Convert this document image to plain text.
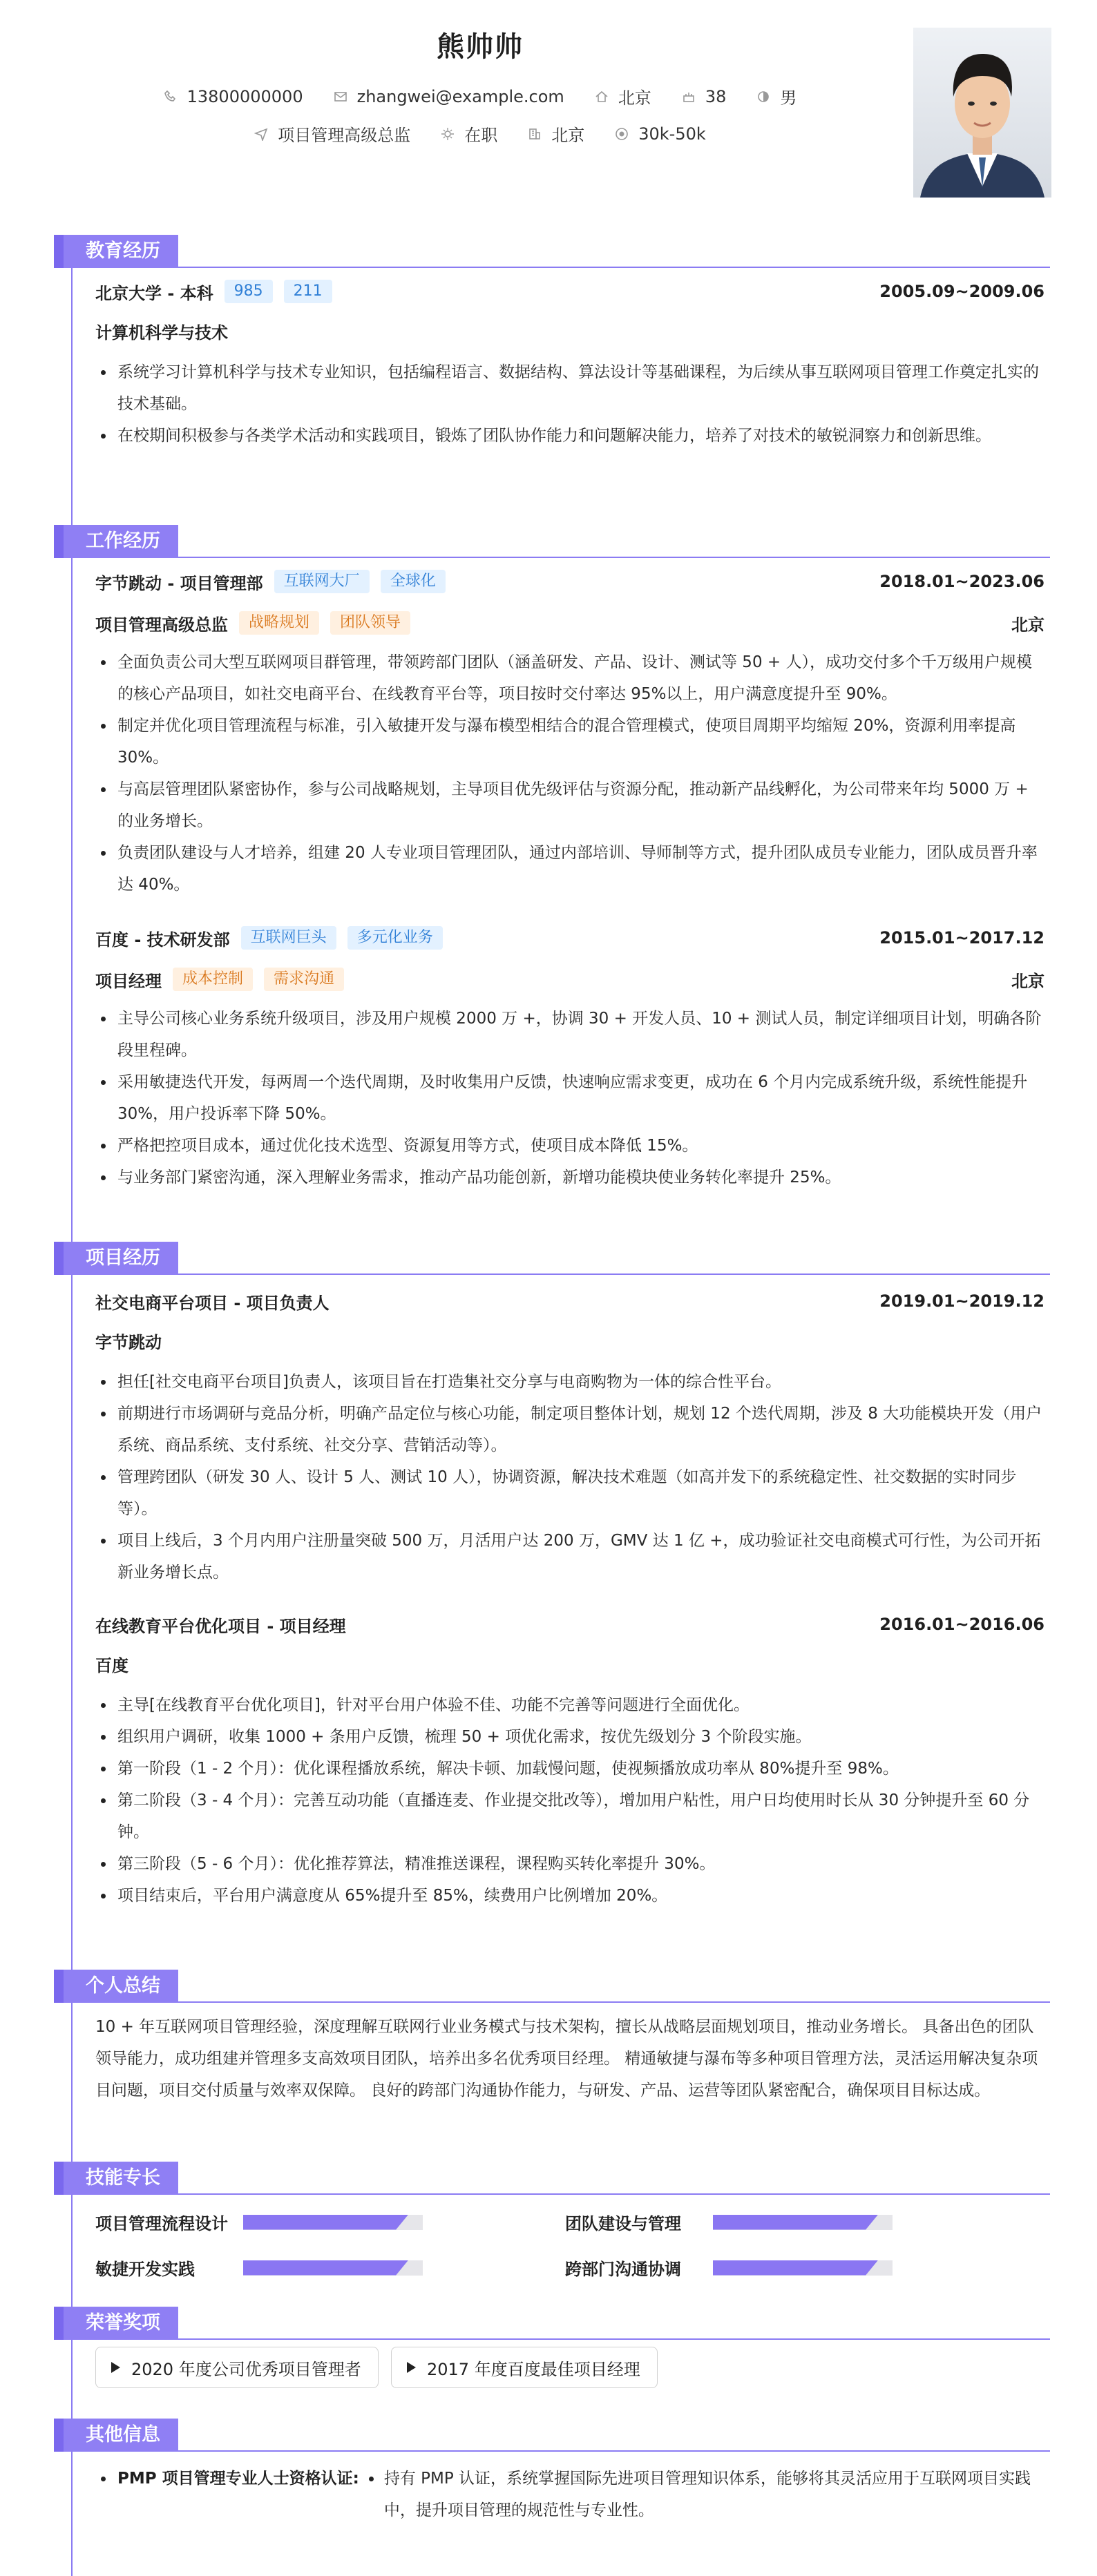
熊帅帅
13800000000	zhangwei@example.com	北京	38	男
项目管理高级总监	在职	北京	30k-50k
教育经历
北京大学 - 本科	985	211	2005.09~2009.06
计算机科学与技术
系统学习计算机科学与技术专业知识，包括编程语言、数据结构、算法设计等基础课程，为后续从事互联网项目管理工作奠定扎实的技术基础。
在校期间积极参与各类学术活动和实践项目，锻炼了团队协作能力和问题解决能力，培养了对技术的敏锐洞察力和创新思维。
工作经历
字节跳动 - 项目管理部	互联网大厂	全球化	2018.01~2023.06
项目管理高级总监	战略规划	团队领导	北京
全面负责公司大型互联网项目群管理，带领跨部门团队（涵盖研发、产品、设计、测试等 50 + 人），成功交付多个千万级用户规模的核心产品项目，如社交电商平台、在线教育平台等，项目按时交付率达 95%以上，用户满意度提升至 90%。
制定并优化项目管理流程与标准，引入敏捷开发与瀑布模型相结合的混合管理模式，使项目周期平均缩短 20%，资源利用率提高 30%。
与高层管理团队紧密协作，参与公司战略规划，主导项目优先级评估与资源分配，推动新产品线孵化，为公司带来年均 5000 万 + 的业务增长。
负责团队建设与人才培养，组建 20 人专业项目管理团队，通过内部培训、导师制等方式，提升团队成员专业能力，团队成员晋升率达 40%。
百度 - 技术研发部	互联网巨头	多元化业务	2015.01~2017.12
项目经理	成本控制	需求沟通	北京
主导公司核心业务系统升级项目，涉及用户规模 2000 万 +，协调 30 + 开发人员、10 + 测试人员，制定详细项目计划，明确各阶段里程碑。
采用敏捷迭代开发，每两周一个迭代周期，及时收集用户反馈，快速响应需求变更，成功在 6 个月内完成系统升级，系统性能提升 30%，用户投诉率下降 50%。
严格把控项目成本，通过优化技术选型、资源复用等方式，使项目成本降低 15%。
与业务部门紧密沟通，深入理解业务需求，推动产品功能创新，新增功能模块使业务转化率提升 25%。
项目经历
社交电商平台项目 - 项目负责人	2019.01~2019.12
字节跳动
担任[社交电商平台项目]负责人，该项目旨在打造集社交分享与电商购物为一体的综合性平台。
前期进行市场调研与竞品分析，明确产品定位与核心功能，制定项目整体计划，规划 12 个迭代周期，涉及 8 大功能模块开发（用户系统、商品系统、支付系统、社交分享、营销活动等）。
管理跨团队（研发 30 人、设计 5 人、测试 10 人），协调资源，解决技术难题（如高并发下的系统稳定性、社交数据的实时同步等）。
项目上线后，3 个月内用户注册量突破 500 万，月活用户达 200 万，GMV 达 1 亿 +，成功验证社交电商模式可行性，为公司开拓新业务增长点。
在线教育平台优化项目 - 项目经理	2016.01~2016.06
百度
主导[在线教育平台优化项目]，针对平台用户体验不佳、功能不完善等问题进行全面优化。
组织用户调研，收集 1000 + 条用户反馈，梳理 50 + 项优化需求，按优先级划分 3 个阶段实施。
第一阶段（1 - 2 个月）：优化课程播放系统，解决卡顿、加载慢问题，使视频播放成功率从 80%提升至 98%。
第二阶段（3 - 4 个月）：完善互动功能（直播连麦、作业提交批改等），增加用户粘性，用户日均使用时长从 30 分钟提升至 60 分钟。
第三阶段（5 - 6 个月）：优化推荐算法，精准推送课程，课程购买转化率提升 30%。
项目结束后，平台用户满意度从 65%提升至 85%，续费用户比例增加 20%。
个人总结
10 + 年互联网项目管理经验，深度理解互联网行业业务模式与技术架构，擅长从战略层面规划项目，推动业务增长。 具备出色的团队领导能力，成功组建并管理多支高效项目团队，培养出多名优秀项目经理。 精通敏捷与瀑布等多种项目管理方法，灵活运用解决复杂项目问题，项目交付质量与效率双保障。 良好的跨部门沟通协作能力，与研发、产品、运营等团队紧密配合，确保项目目标达成。
技能专长
项目管理流程设计	团队建设与管理
敏捷开发实践	跨部门沟通协调
荣誉奖项
2020 年度公司优秀项目管理者	2017 年度百度最佳项目经理
其他信息
PMP 项目管理专业人士资格认证:	持有 PMP 认证，系统掌握国际先进项目管理知识体系，能够将其灵活应用于互联网项目实践中，提升项目管理的规范性与专业性。
